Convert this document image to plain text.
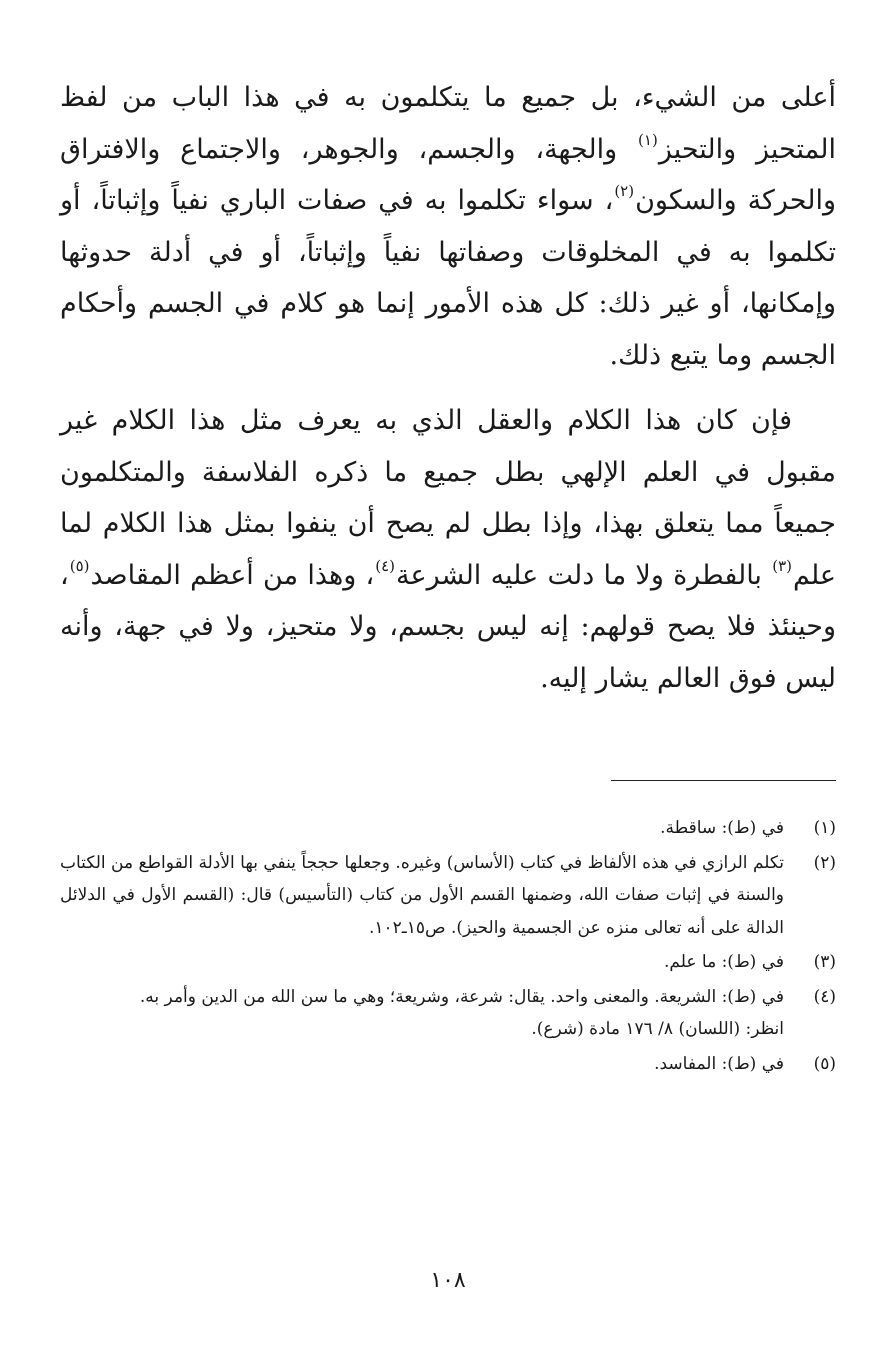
أعلى من الشيء، بل جميع ما يتكلمون به في هذا الباب من لفظ المتحيز والتحيز$^{(١)}$ والجهة، والجسم، والجوهر، والاجتماع والافتراق والحركة والسكون$^{(٢)}$، سواء تكلموا به في صفات الباري نفياً وإثباتاً، أو تكلموا به في المخلوقات وصفاتها نفياً وإثباتاً، أو في أدلة حدوثها وإمكانها، أو غير ذلك: كل هذه الأمور إنما هو كلام في الجسم وأحكام الجسم وما يتبع ذلك.

فإن كان هذا الكلام والعقل الذي به يعرف مثل هذا الكلام غير مقبول في العلم الإلهي بطل جميع ما ذكره الفلاسفة والمتكلمون جميعاً مما يتعلق بهذا، وإذا بطل لم يصح أن ينفوا بمثل هذا الكلام لما علم$^{(٣)}$ بالفطرة ولا ما دلت عليه الشرعة$^{(٤)}$، وهذا من أعظم المقاصد$^{(٥)}$، وحينئذ فلا يصح قولهم: إنه ليس بجسم، ولا متحيز، ولا في جهة، وأنه ليس فوق العالم يشار إليه.

(١)
في (ط): ساقطة.
(٢)
تكلم الرازي في هذه الألفاظ في كتاب (الأساس) وغيره. وجعلها حججاً ينفي بها الأدلة القواطع من الكتاب والسنة في إثبات صفات الله، وضمنها القسم الأول من كتاب (التأسيس) قال: (القسم الأول في الدلائل الدالة على أنه تعالى منزه عن الجسمية والحيز). ص١٥ـ١٠٢.
(٣)
في (ط): ما علم.
(٤)
في (ط): الشريعة. والمعنى واحد. يقال: شرعة، وشريعة؛ وهي ما سن الله من الدين وأمر به.
انظر: (اللسان) ٨/ ١٧٦ مادة (شرع).
(٥)
في (ط): المفاسد.
١٠٨
